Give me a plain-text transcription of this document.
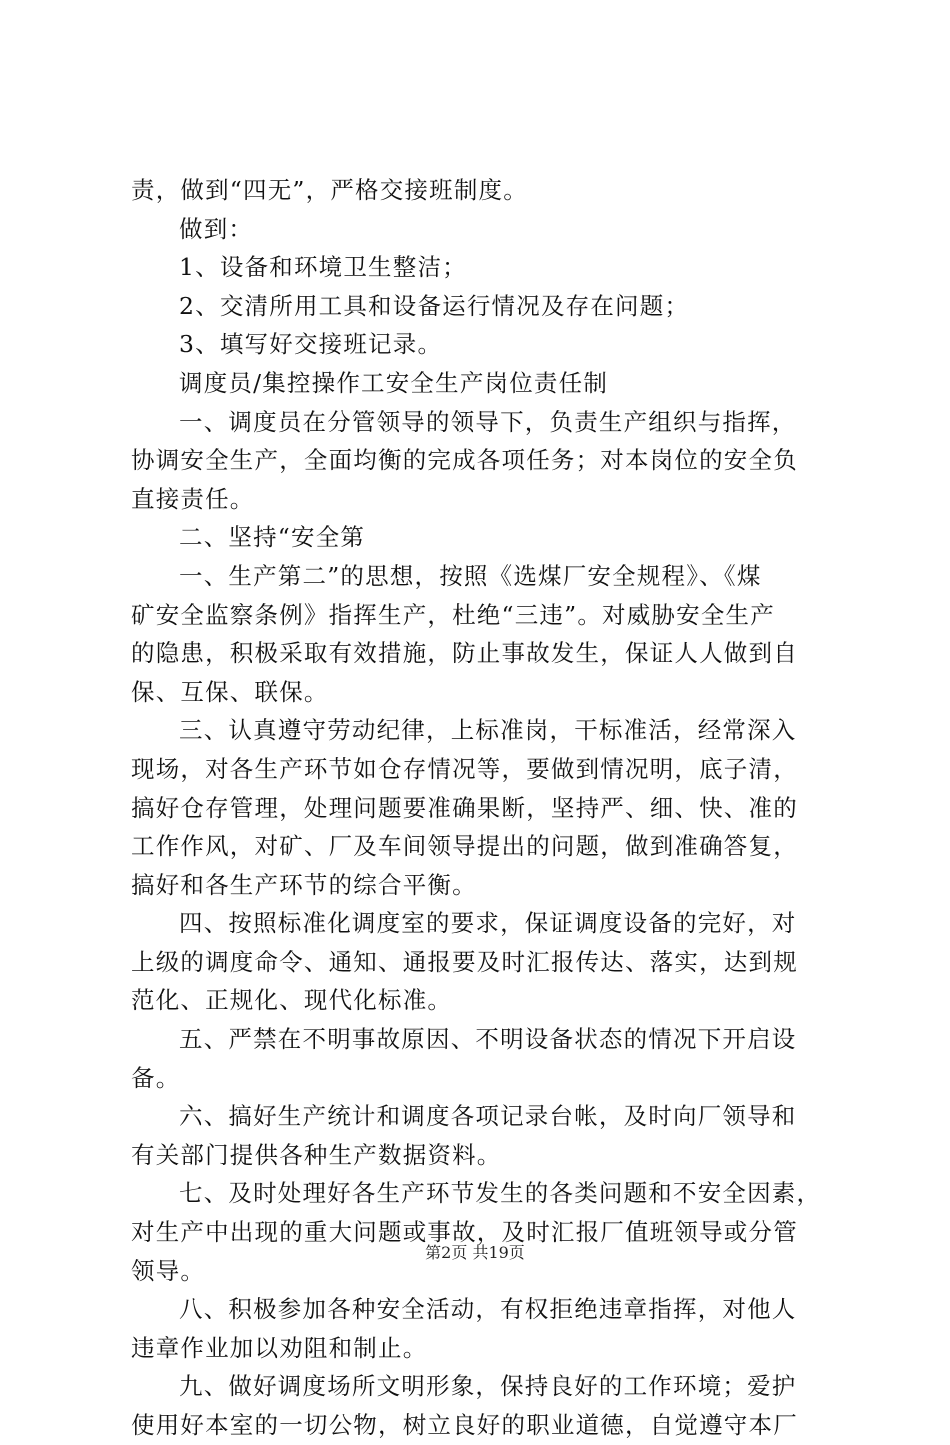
责，做到“四无”，严格交接班制度。
做到：
1、设备和环境卫生整洁；
2、交清所用工具和设备运行情况及存在问题；
3、填写好交接班记录。
调度员/集控操作工安全生产岗位责任制
一、调度员在分管领导的领导下，负责生产组织与指挥，
协调安全生产，全面均衡的完成各项任务；对本岗位的安全负
直接责任。
二、坚持“安全第
一、生产第二”的思想，按照《选煤厂安全规程》、《煤
矿安全监察条例》指挥生产，杜绝“三违”。对威胁安全生产
的隐患，积极采取有效措施，防止事故发生，保证人人做到自
保、互保、联保。
三、认真遵守劳动纪律，上标准岗，干标准活，经常深入
现场，对各生产环节如仓存情况等，要做到情况明，底子清，
搞好仓存管理，处理问题要准确果断，坚持严、细、快、准的
工作作风，对矿、厂及车间领导提出的问题，做到准确答复，
搞好和各生产环节的综合平衡。
四、按照标准化调度室的要求，保证调度设备的完好，对
上级的调度命令、通知、通报要及时汇报传达、落实，达到规
范化、正规化、现代化标准。
五、严禁在不明事故原因、不明设备状态的情况下开启设
备。
六、搞好生产统计和调度各项记录台帐，及时向厂领导和
有关部门提供各种生产数据资料。
七、及时处理好各生产环节发生的各类问题和不安全因素，
对生产中出现的重大问题或事故，及时汇报厂值班领导或分管
领导。
八、积极参加各种安全活动，有权拒绝违章指挥，对他人
违章作业加以劝阻和制止。
九、做好调度场所文明形象，保持良好的工作环境；爱护
使用好本室的一切公物，树立良好的职业道德，自觉遵守本厂
第2页 共19页
